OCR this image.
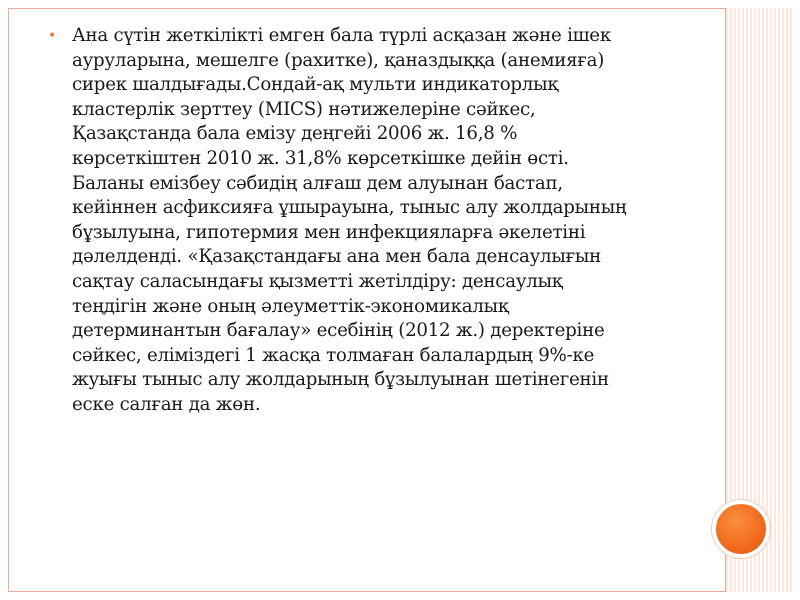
• Ана сүтін жеткілікті емген бала түрлі асқазан және ішек
ауруларына, мешелге (рахитке), қаназдыққа (анемияға)
сирек шалдығады.Сондай-ақ мульти индикаторлық
кластерлік зерттеу (MICS) нәтижелеріне сәйкес,
Қазақстанда бала емізу деңгейі 2006 ж. 16,8 %
көрсеткіштен 2010 ж. 31,8% көрсеткішке дейін өсті.
Баланы емізбеу сәбидің алғаш дем алуынан бастап,
кейіннен асфиксияға ұшырауына, тыныс алу жолдарының
бұзылуына, гипотермия мен инфекцияларға әкелетіні
дәлелденді. «Қазақстандағы ана мен бала денсаулығын
сақтау саласындағы қызметті жетілдіру: денсаулық
теңдігін және оның әлеуметтік-экономикалық
детерминантын бағалау» есебінің (2012 ж.) деректеріне
сәйкес, еліміздегі 1 жасқа толмаған балалардың 9%-ке
жуығы тыныс алу жолдарының бұзылуынан шетінегенін
еске салған да жөн.
